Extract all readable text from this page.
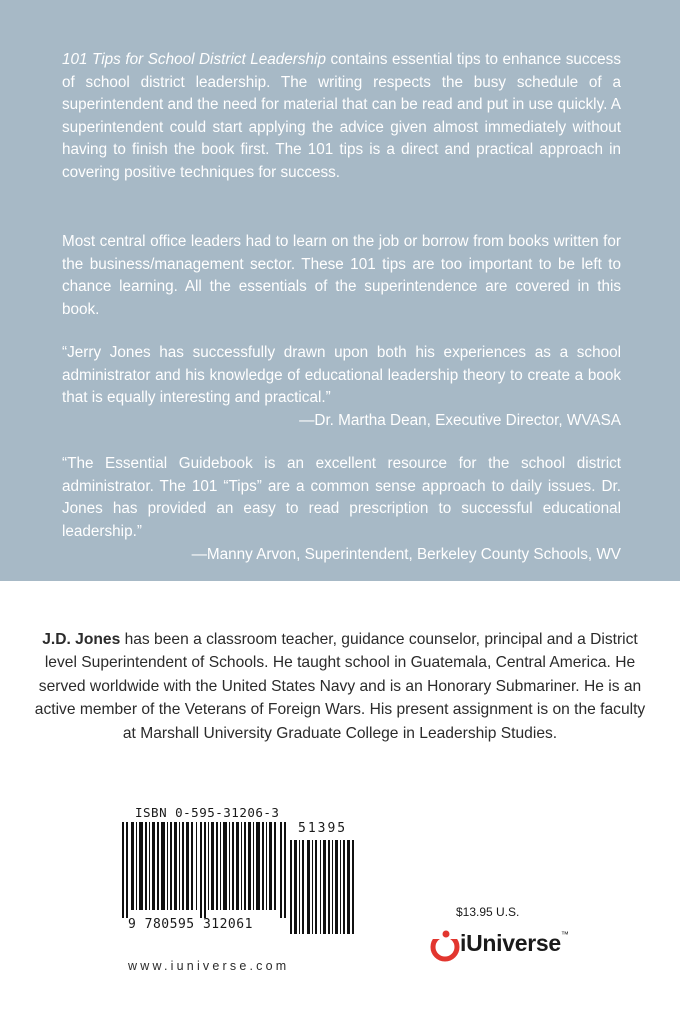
101 Tips for School District Leadership contains essential tips to enhance success of school district leadership. The writing respects the busy schedule of a superintendent and the need for material that can be read and put in use quickly. A superintendent could start applying the advice given almost immediately without having to finish the book first. The 101 tips is a direct and practical approach in covering positive techniques for success.

Most central office leaders had to learn on the job or borrow from books written for the business/management sector. These 101 tips are too important to be left to chance learning. All the essentials of the superintendence are covered in this book.

“Jerry Jones has successfully drawn upon both his experiences as a school administrator and his knowledge of educational leadership theory to create a book that is equally interesting and practical.”

—Dr. Martha Dean, Executive Director, WVASA

“The Essential Guidebook is an excellent resource for the school district administrator. The 101 “Tips” are a common sense approach to daily issues. Dr. Jones has provided an easy to read prescription to successful educational leadership.”

—Manny Arvon, Superintendent, Berkeley County Schools, WV

J.D. Jones has been a classroom teacher, guidance counselor, principal and a District level Superintendent of Schools. He taught school in Guatemala, Central America. He served worldwide with the United States Navy and is an Honorary Submariner. He is an active member of the Veterans of Foreign Wars. His present assignment is on the faculty at Marshall University Graduate College in Leadership Studies.

ISBN 0-595-31206-3
9 780595 312061
51395

www.iuniverse.com

$13.95 U.S.

iUniverse™
